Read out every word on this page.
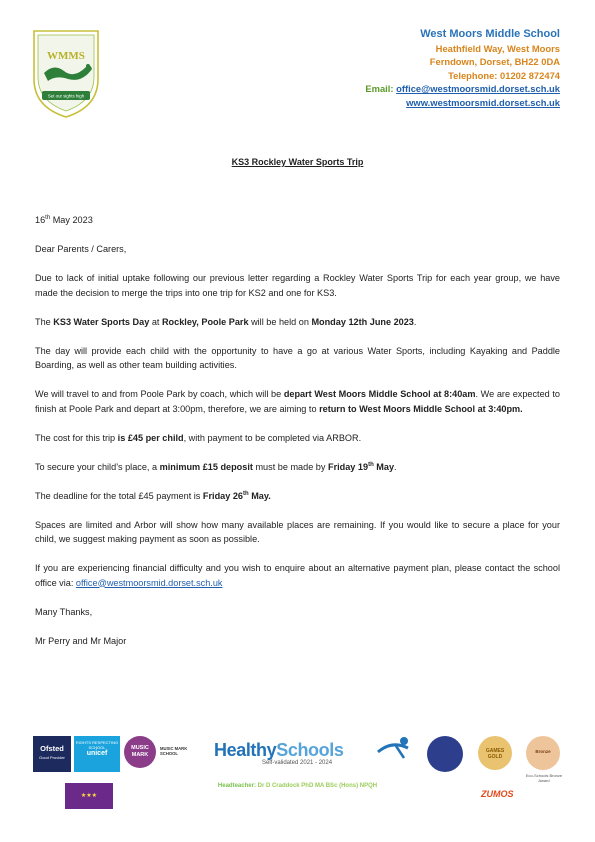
WMMS
Set our sights high
West Moors Middle School
Heathfield Way, West Moors
Ferndown, Dorset, BH22 0DA
Telephone: 01202 872474
Email: office@westmoorsmid.dorset.sch.uk
www.westmoorsmid.dorset.sch.uk
KS3 Rockley Water Sports Trip

16th May 2023

Dear Parents / Carers,

Due to lack of initial uptake following our previous letter regarding a Rockley Water Sports Trip for each year group, we have made the decision to merge the trips into one trip for KS2 and one for KS3.

The KS3 Water Sports Day at Rockley, Poole Park will be held on Monday 12th June 2023.

The day will provide each child with the opportunity to have a go at various Water Sports, including Kayaking and Paddle Boarding, as well as other team building activities.

We will travel to and from Poole Park by coach, which will be depart West Moors Middle School at 8:40am. We are expected to finish at Poole Park and depart at 3:00pm, therefore, we are aiming to return to West Moors Middle School at 3:40pm.

The cost for this trip is £45 per child, with payment to be completed via ARBOR.

To secure your child’s place, a minimum £15 deposit must be made by Friday 19th May.

The deadline for the total £45 payment is Friday 26th May.

Spaces are limited and Arbor will show how many available places are remaining. If you would like to secure a place for your child, we suggest making payment as soon as possible.

If you are experiencing financial difficulty and you wish to enquire about an alternative payment plan, please contact the school office via: office@westmoorsmid.dorset.sch.uk

Many Thanks,

Mr Perry and Mr Major

Ofsted
Good Provider
RIGHTS RESPECTING SCHOOL
unicef
MUSIC MARK
MUSIC MARK SCHOOL	HealthySchools
Self-validated 2021 - 2024
GAMES GOLD
Bronze
Eco-Schools Bronze Award
Headteacher: Dr D Craddock PhD MA BSc (Hons) NPQH
★★★	ZUMOS
